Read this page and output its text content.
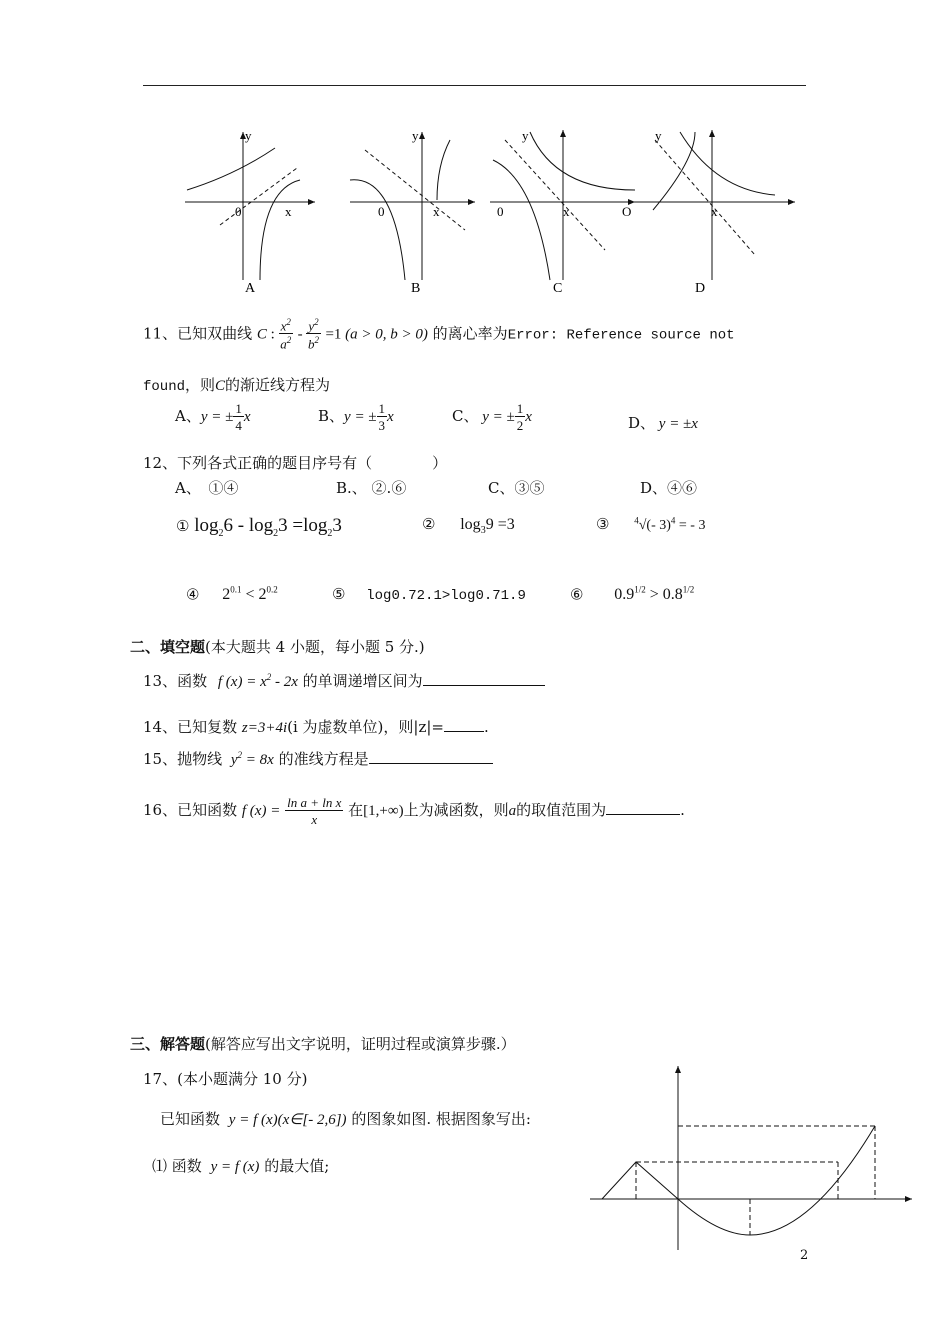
y
x
0
A
y
x
0
B
y
x
0
C
y
x
O
D
11、已知双曲线 C : $\frac{x^2}{a^2} - \frac{y^2}{b^2} =1$ (a > 0, b > 0) 的离心率为Error: Reference source not
found，则C的渐近线方程为
A、y = ± $\frac{1}{4}$ x	B、y = ± $\frac{1}{3}$ x	C、 y = ± $\frac{1}{2}$ x	D、 y = ±x
12、下列各式正确的题目序号有（　　　　）
A、　①④	B.、 ②.⑥	C、③⑤	D、④⑥
① $\log_26 - \log_23 =\log_23$	② $\log_39 =3$	③	$^4$√(- 3)$^4$ = - 3
④ $2^{0.1} < 2^{0.2}$	⑤ log0.72.1>log0.71.9	⑥ $0.9^{1/2} > 0.8^{1/2}$
二、填空题(本大题共 4 小题，每小题 5 分.)
13、函数 f $(x) = x^2 - 2x$ 的单调递增区间为
14、已知复数 z=3+4i(i 为虚数单位)，则|z|=	.
15、抛物线 $y^2 = 8x$ 的准线方程是
16、已知函数 f $(x) = \frac{\text{ln a + ln x}}{x}$ 在[1,+∞)上为减函数，则a的取值范围为	.
三、解答题(解答应写出文字说明，证明过程或演算步骤.）
17、(本小题满分 10 分)
已知函数 y = f (x)(x∈[- 2,6]) 的图象如图. 根据图象写出:
⑴ 函数 y = f (x) 的最大值;
2
